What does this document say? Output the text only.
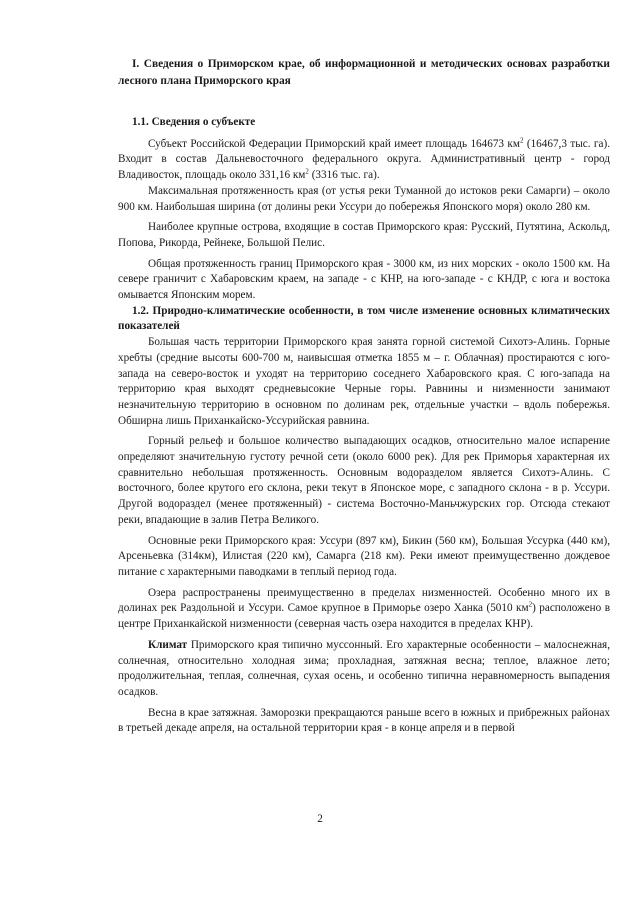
I. Сведения о Приморском крае, об информационной и методических основах разработки лесного плана Приморского края
1.1. Сведения о субъекте

Субъект Российской Федерации Приморский край имеет площадь 164673 $км^2$ (16467,3 тыс. га). Входит в состав Дальневосточного федерального округа. Административный центр - город Владивосток, площадь около 331,16 $км^2$ (3316 тыс. га).

Максимальная протяженность края (от устья реки Туманной до истоков реки Самарги) – около 900 км. Наибольшая ширина (от долины реки Уссури до побережья Японского моря) около 280 км.

Наиболее крупные острова, входящие в состав Приморского края: Русский, Путятина, Аскольд, Попова, Рикорда, Рейнеке, Большой Пелис.

Общая протяженность границ Приморского края - 3000 км, из них морских - около 1500 км. На севере граничит с Хабаровским краем, на западе - с КНР, на юго-западе - с КНДР, с юга и востока омывается Японским морем.

1.2. Природно-климатические особенности, в том числе изменение основных климатических показателей

Большая часть территории Приморского края занята горной системой Сихотэ-Алинь. Горные хребты (средние высоты 600-700 м, наивысшая отметка 1855 м – г. Облачная) простираются с юго-запада на северо-восток и уходят на территорию соседнего Хабаровского края. С юго-запада на территорию края выходят средневысокие Черные горы. Равнины и низменности занимают незначительную территорию в основном по долинам рек, отдельные участки – вдоль побережья. Обширна лишь Приханкайско-Уссурийская равнина.

Горный рельеф и большое количество выпадающих осадков, относительно малое испарение определяют значительную густоту речной сети (около 6000 рек). Для рек Приморья характерная их сравнительно небольшая протяженность. Основным водоразделом является Сихотэ-Алинь. С восточного, более крутого его склона, реки текут в Японское море, с западного склона - в р. Уссури. Другой водораздел (менее протяженный) - система Восточно-Маньчжурских гор. Отсюда стекают реки, впадающие в залив Петра Великого.

Основные реки Приморского края: Уссури (897 км), Бикин (560 км), Большая Уссурка (440 км), Арсеньевка (314км), Илистая (220 км), Самарга (218 км). Реки имеют преимущественно дождевое питание с характерными паводками в теплый период года.

Озера распространены преимущественно в пределах низменностей. Особенно много их в долинах рек Раздольной и Уссури. Самое крупное в Приморье озеро Ханка (5010 $км^2$) расположено в центре Приханкайской низменности (северная часть озера находится в пределах КНР).

Климат Приморского края типично муссонный. Его характерные особенности – малоснежная, солнечная, относительно холодная зима; прохладная, затяжная весна; теплое, влажное лето; продолжительная, теплая, солнечная, сухая осень, и особенно типична неравномерность выпадения осадков.

Весна в крае затяжная. Заморозки прекращаются раньше всего в южных и прибрежных районах в третьей декаде апреля, на остальной территории края - в конце апреля и в первой

2
